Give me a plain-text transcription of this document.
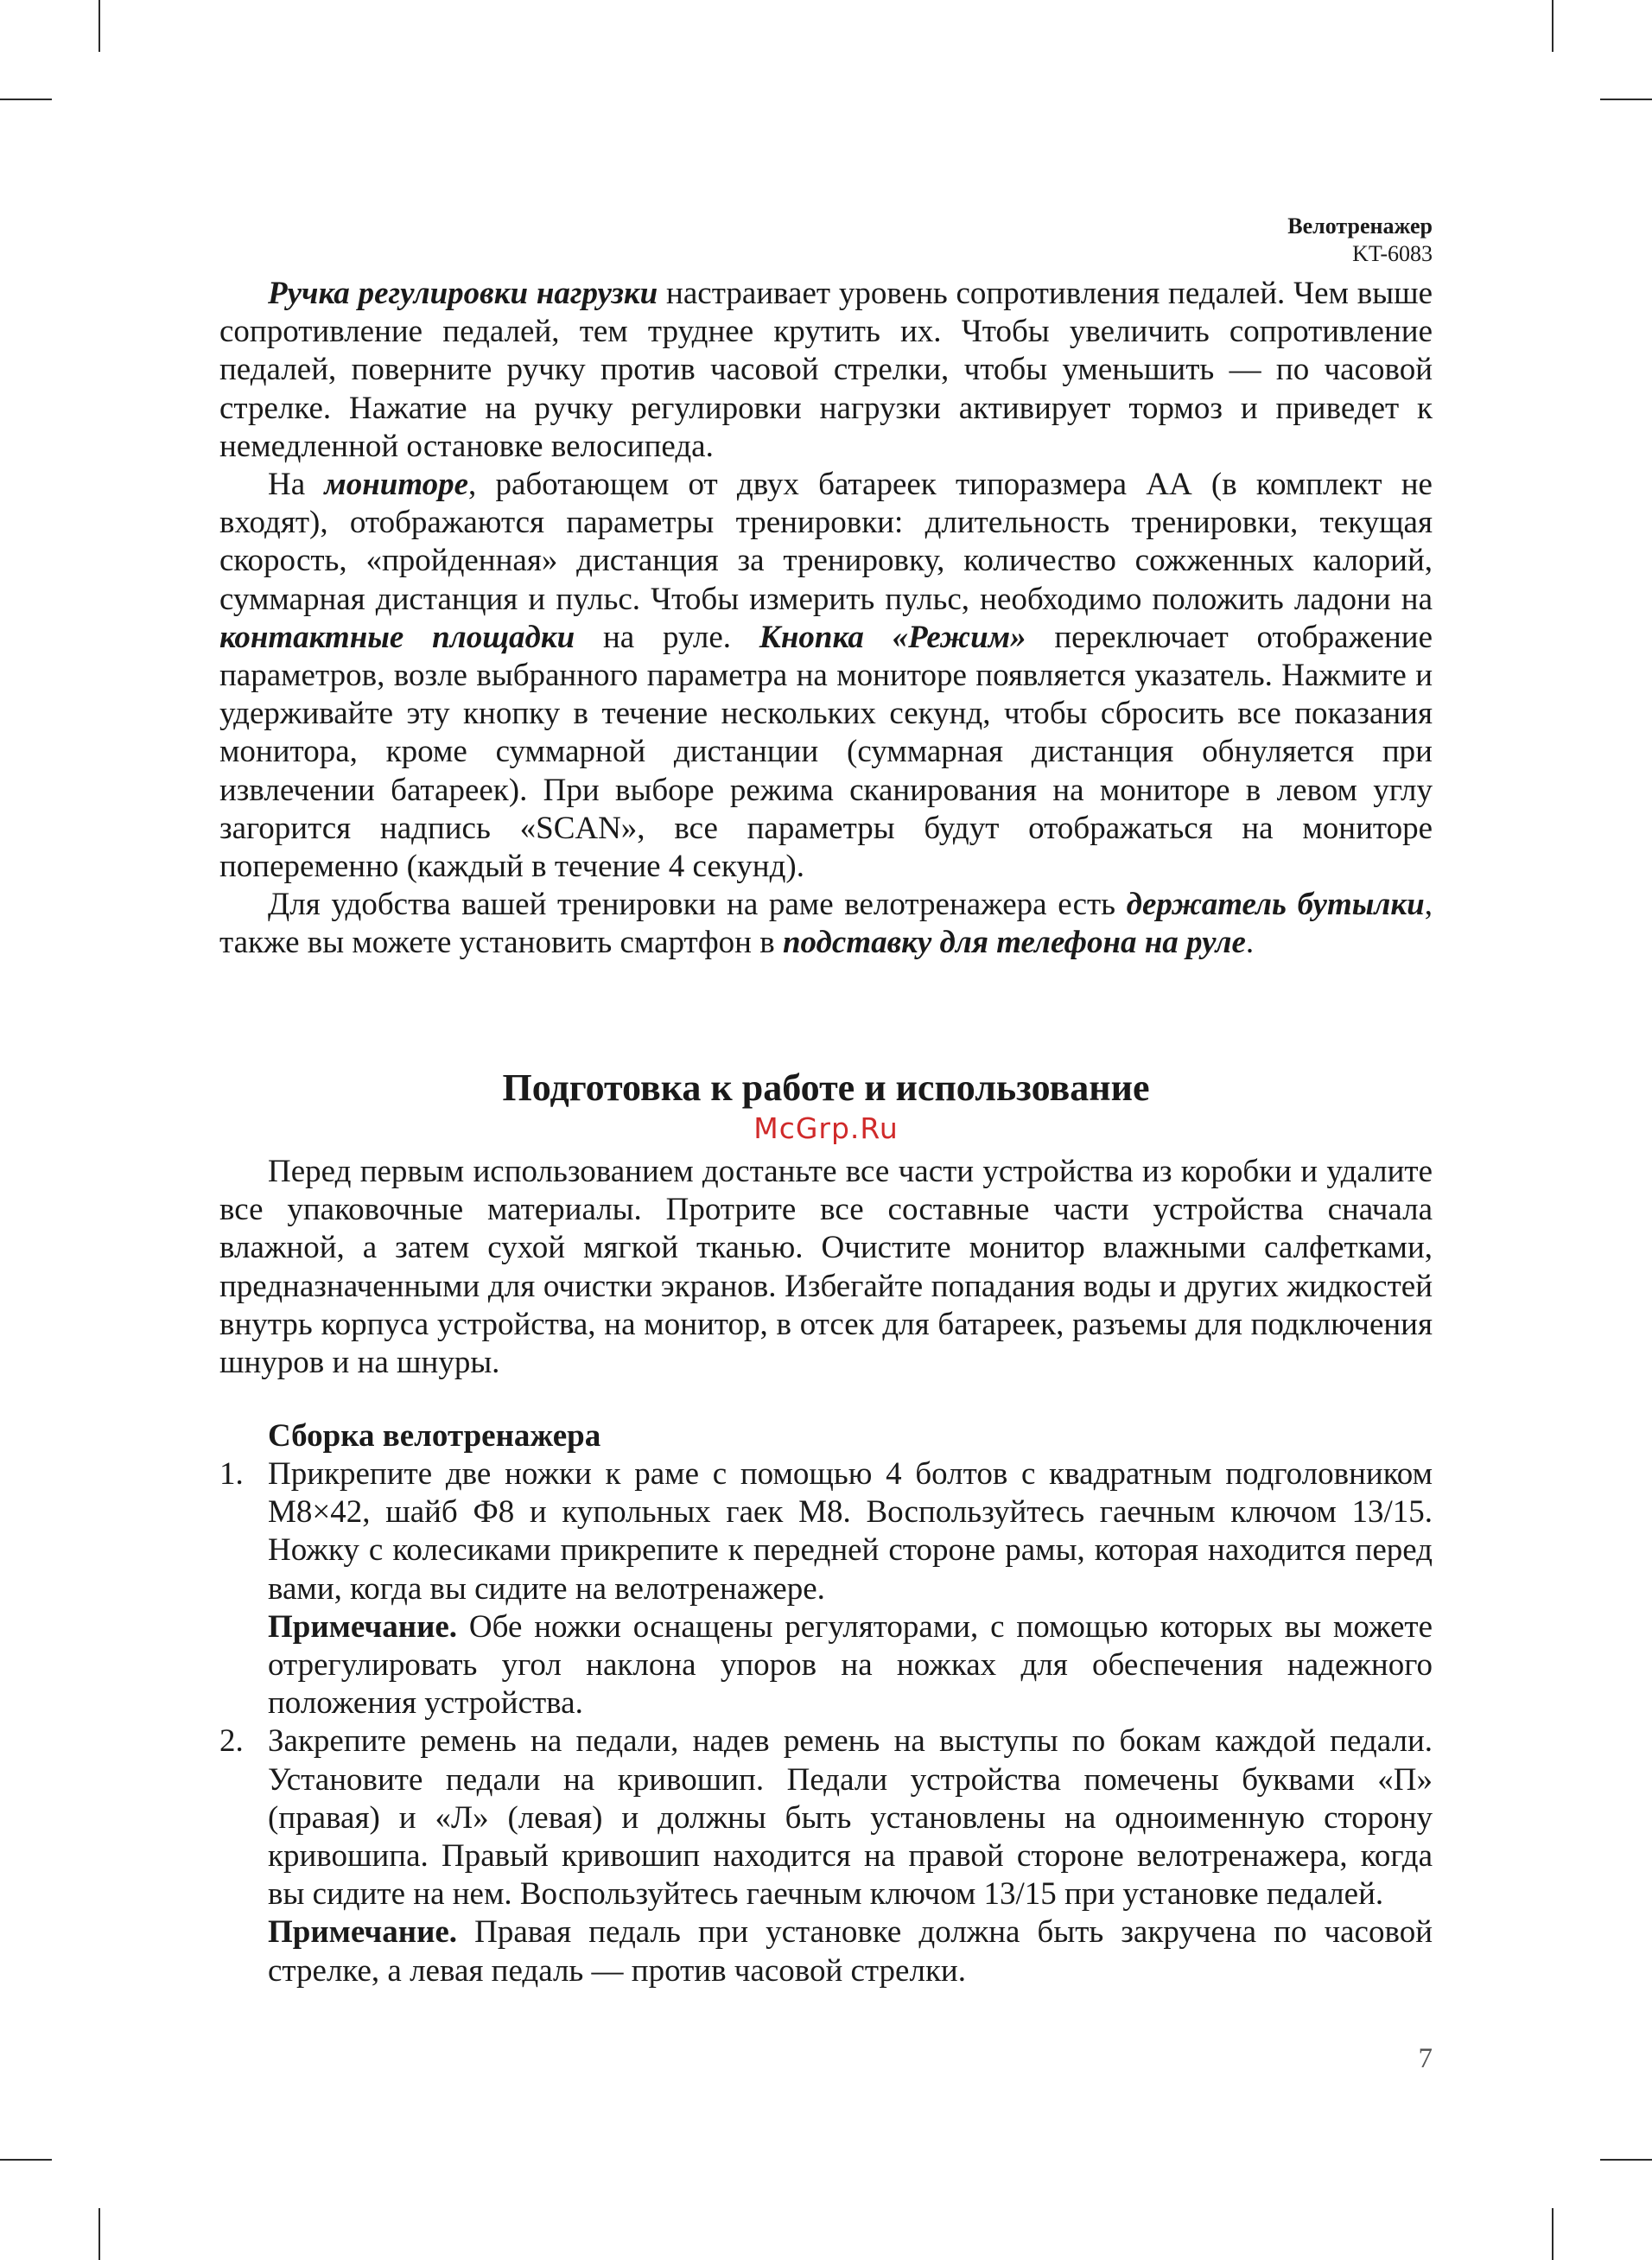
Велотренажер
KT-6083

Ручка регулировки нагрузки настраивает уровень сопротивления педалей. Чем выше сопротивление педалей, тем труднее крутить их. Чтобы увеличить сопротивление педалей, поверните ручку против часовой стрелки, чтобы уменьшить — по часовой стрелке. Нажатие на ручку регулировки нагрузки активирует тормоз и приведет к немедленной остановке велосипеда.

На мониторе, работающем от двух батареек типоразмера АА (в комплект не входят), отображаются параметры тренировки: длительность тренировки, текущая скорость, «пройденная» дистанция за тренировку, количество сожженных калорий, суммарная дистанция и пульс. Чтобы измерить пульс, необходимо положить ладони на контактные площадки на руле. Кнопка «Режим» переключает отображение параметров, возле выбранного параметра на мониторе появляется указатель. Нажмите и удерживайте эту кнопку в течение нескольких секунд, чтобы сбросить все показания монитора, кроме суммарной дистанции (суммарная дистанция обнуляется при извлечении батареек). При выборе режима сканирования на мониторе в левом углу загорится надпись «SCAN», все параметры будут отображаться на мониторе попеременно (каждый в течение 4 секунд).

Для удобства вашей тренировки на раме велотренажера есть держатель бутылки, также вы можете установить смартфон в подставку для телефона на руле.

Подготовка к работе и использование
McGrp.Ru

Перед первым использованием достаньте все части устройства из коробки и удалите все упаковочные материалы. Протрите все составные части устройства сначала влажной, а затем сухой мягкой тканью. Очистите монитор влажными салфетками, предназначенными для очистки экранов. Избегайте попадания воды и других жидкостей внутрь корпуса устройства, на монитор, в отсек для батареек, разъемы для подключения шнуров и на шнуры.

Сборка велотренажера
1. Прикрепите две ножки к раме с помощью 4 болтов с квадратным подголовником M8×42, шайб Ф8 и купольных гаек M8. Воспользуйтесь гаечным ключом 13/15. Ножку с колесиками прикрепите к передней стороне рамы, которая находится перед вами, когда вы сидите на велотренажере.

Примечание. Обе ножки оснащены регуляторами, с помощью которых вы можете отрегулировать угол наклона упоров на ножках для обеспечения надежного положения устройства.

2. Закрепите ремень на педали, надев ремень на выступы по бокам каждой педали. Установите педали на кривошип. Педали устройства помечены буквами «П» (правая) и «Л» (левая) и должны быть установлены на одноименную сторону кривошипа. Правый кривошип находится на правой стороне велотренажера, когда вы сидите на нем. Воспользуйтесь гаечным ключом 13/15 при установке педалей.

Примечание. Правая педаль при установке должна быть закручена по часовой стрелке, а левая педаль — против часовой стрелки.

7
